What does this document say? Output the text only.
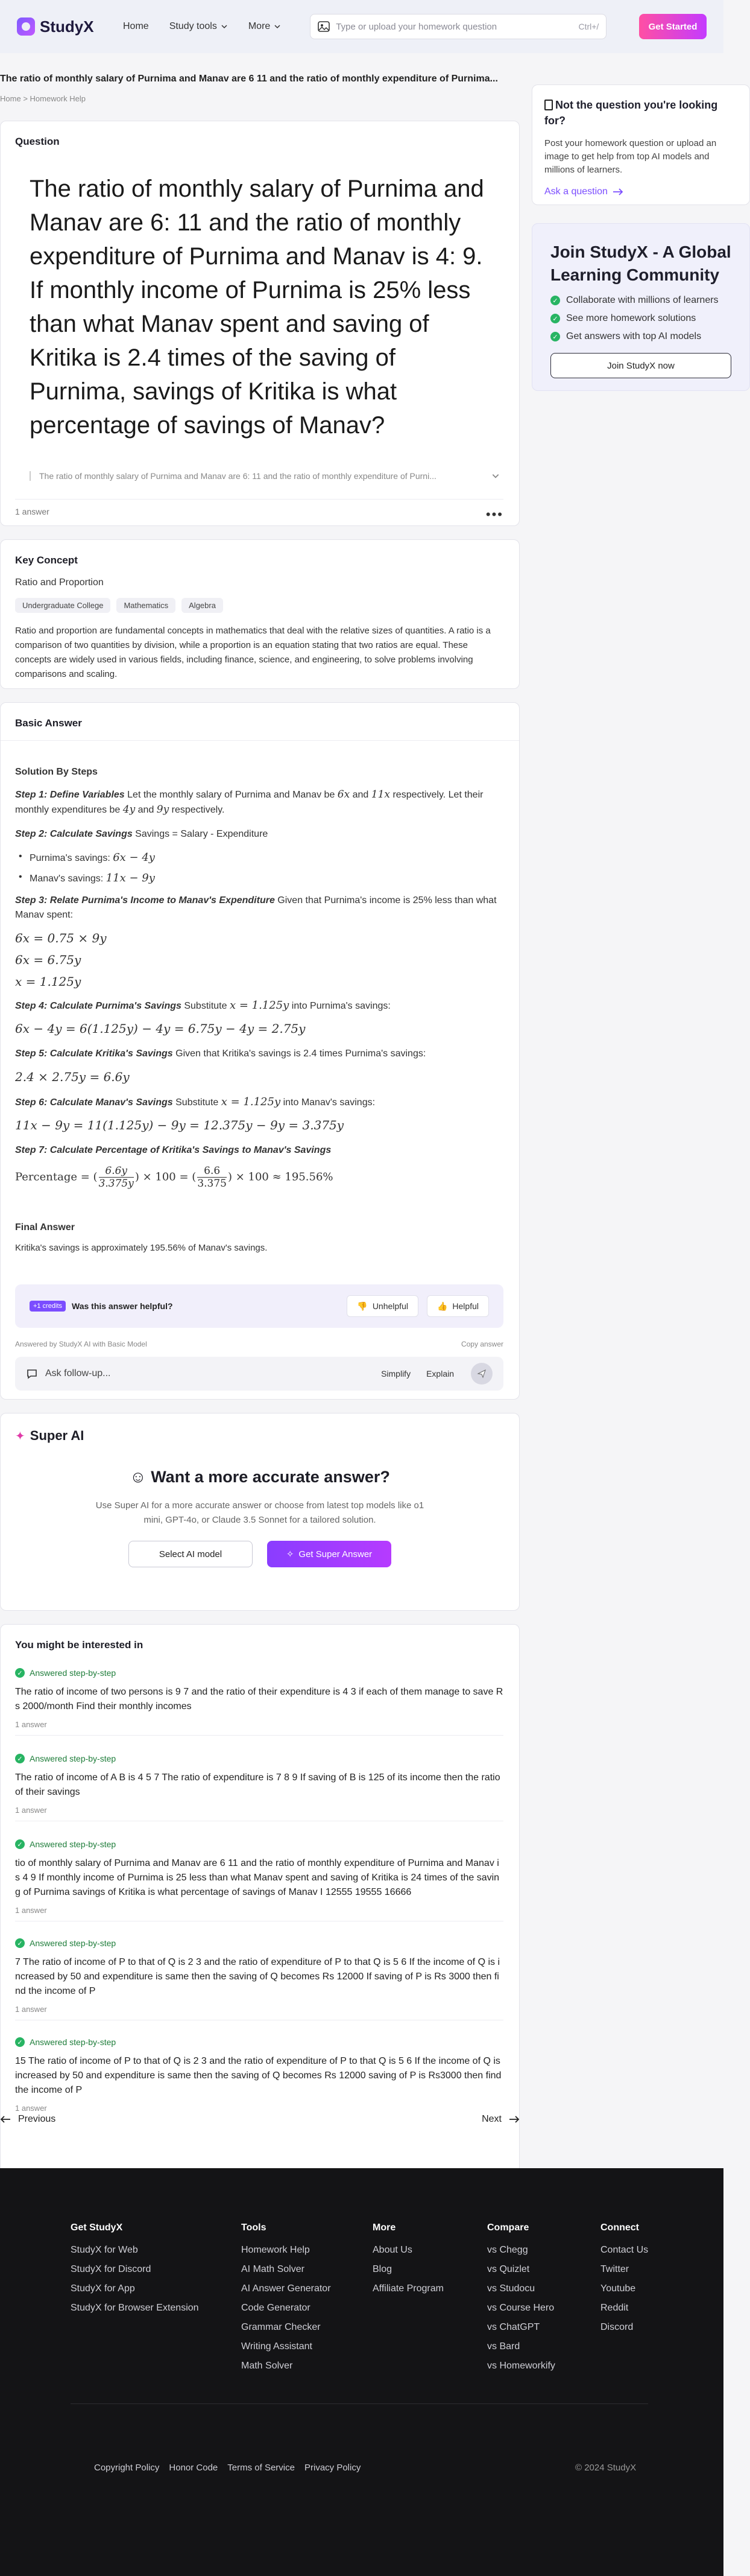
StudyX	Home Study tools	More	Type or upload your homework question	Ctrl+/	Get Started
The ratio of monthly salary of Purnima and Manav are 6 11 and the ratio of monthly expenditure of Purnima...
Home > Homework Help
Question
The ratio of monthly salary of Purnima and Manav are 6: 11 and the ratio of monthly expenditure of Purnima and Manav is 4: 9. If monthly income of Purnima is 25% less than what Manav spent and saving of Kritika is 2.4 times of the saving of Purnima, savings of Kritika is what percentage of savings of Manav?
The ratio of monthly salary of Purnima and Manav are 6: 11 and the ratio of monthly expenditure of Purni...
1 answer	•••
Not the question you're looking for?

Post your homework question or upload an image to get help from top AI models and millions of learners.

Ask a question
Join StudyX - A Global Learning Community
✓ Collaborate with millions of learners
✓ See more homework solutions
✓ Get answers with top AI models
Join StudyX now
Key Concept
Ratio and Proportion
Undergraduate College	Mathematics	Algebra
Ratio and proportion are fundamental concepts in mathematics that deal with the relative sizes of quantities. A ratio is a comparison of two quantities by division, while a proportion is an equation stating that two ratios are equal. These concepts are widely used in various fields, including finance, science, and engineering, to solve problems involving comparisons and scaling.
Basic Answer
Solution By Steps
Step 1: Define Variables Let the monthly salary of Purnima and Manav be 6x and 11x respectively. Let their monthly expenditures be 4y and 9y respectively.
Step 2: Calculate Savings Savings = Salary - Expenditure
• Purnima's savings: 6x − 4y
• Manav's savings: 11x − 9y
Step 3: Relate Purnima's Income to Manav's Expenditure Given that Purnima's income is 25% less than what Manav spent:
6x = 0.75 × 9y
6x = 6.75y
x = 1.125y
Step 4: Calculate Purnima's Savings Substitute x = 1.125y into Purnima's savings:
6x − 4y = 6(1.125y) − 4y = 6.75y − 4y = 2.75y
Step 5: Calculate Kritika's Savings Given that Kritika's savings is 2.4 times Purnima's savings:
2.4 × 2.75y = 6.6y
Step 6: Calculate Manav's Savings Substitute x = 1.125y into Manav's savings:
11x − 9y = 11(1.125y) − 9y = 12.375y − 9y = 3.375y
Step 7: Calculate Percentage of Kritika's Savings to Manav's Savings
Percentage = ( $\frac{6.6y}{3.375y}$ ) × 100 = ( $\frac{6.6}{3.375}$ ) × 100 ≈ 195.56%
Final Answer
Kritika's savings is approximately 195.56% of Manav's savings.
+1 credits	Was this answer helpful?	👎 Unhelpful	👍 Helpful
Answered by StudyX AI with Basic Model	Copy answer
Ask follow-up...	Simplify Explain
✦ Super AI
☺ Want a more accurate answer?
Use Super AI for a more accurate answer or choose from latest top models like o1 mini, GPT-4o, or Claude 3.5 Sonnet for a tailored solution.
Select AI model	✧ Get Super Answer
You might be interested in
✓ Answered step-by-step
The ratio of income of two persons is 9 7 and the ratio of their expenditure is 4 3 if each of them manage to save Rs 2000/month Find their monthly incomes
1 answer
✓ Answered step-by-step
The ratio of income of A B is 4 5 7 The ratio of expenditure is 7 8 9 If saving of B is 125 of its income then the ratio of their savings
1 answer
✓ Answered step-by-step
tio of monthly salary of Purnima and Manav are 6 11 and the ratio of monthly expenditure of Purnima and Manav is 4 9 If monthly income of Purnima is 25 less than what Manav spent and saving of Kritika is 24 times of the saving of Purnima savings of Kritika is what percentage of savings of Manav I 12555 19555 16666
1 answer
✓ Answered step-by-step
7 The ratio of income of P to that of Q is 2 3 and the ratio of expenditure of P to that Q is 5 6 If the income of Q is increased by 50 and expenditure is same then the saving of Q becomes Rs 12000 If saving of P is Rs 3000 then find the income of P
1 answer
✓ Answered step-by-step
15 The ratio of income of P to that of Q is 2 3 and the ratio of expenditure of P to that Q is 5 6 If the income of Q is increased by 50 and expenditure is same then the saving of Q becomes Rs 12000 saving of P is Rs3000 then find the income of P
1 answer
Previous	Next
Get StudyX
StudyX for Web
StudyX for Discord
StudyX for App
StudyX for Browser Extension
Tools
Homework Help
AI Math Solver
AI Answer Generator
Code Generator
Grammar Checker
Writing Assistant
Math Solver
More
About Us
Blog
Affiliate Program
Compare
vs Chegg
vs Quizlet
vs Studocu
vs Course Hero
vs ChatGPT
vs Bard
vs Homeworkify
Connect
Contact Us
Twitter
Youtube
Reddit
Discord
Copyright Policy Honor Code Terms of Service Privacy Policy	© 2024 StudyX
